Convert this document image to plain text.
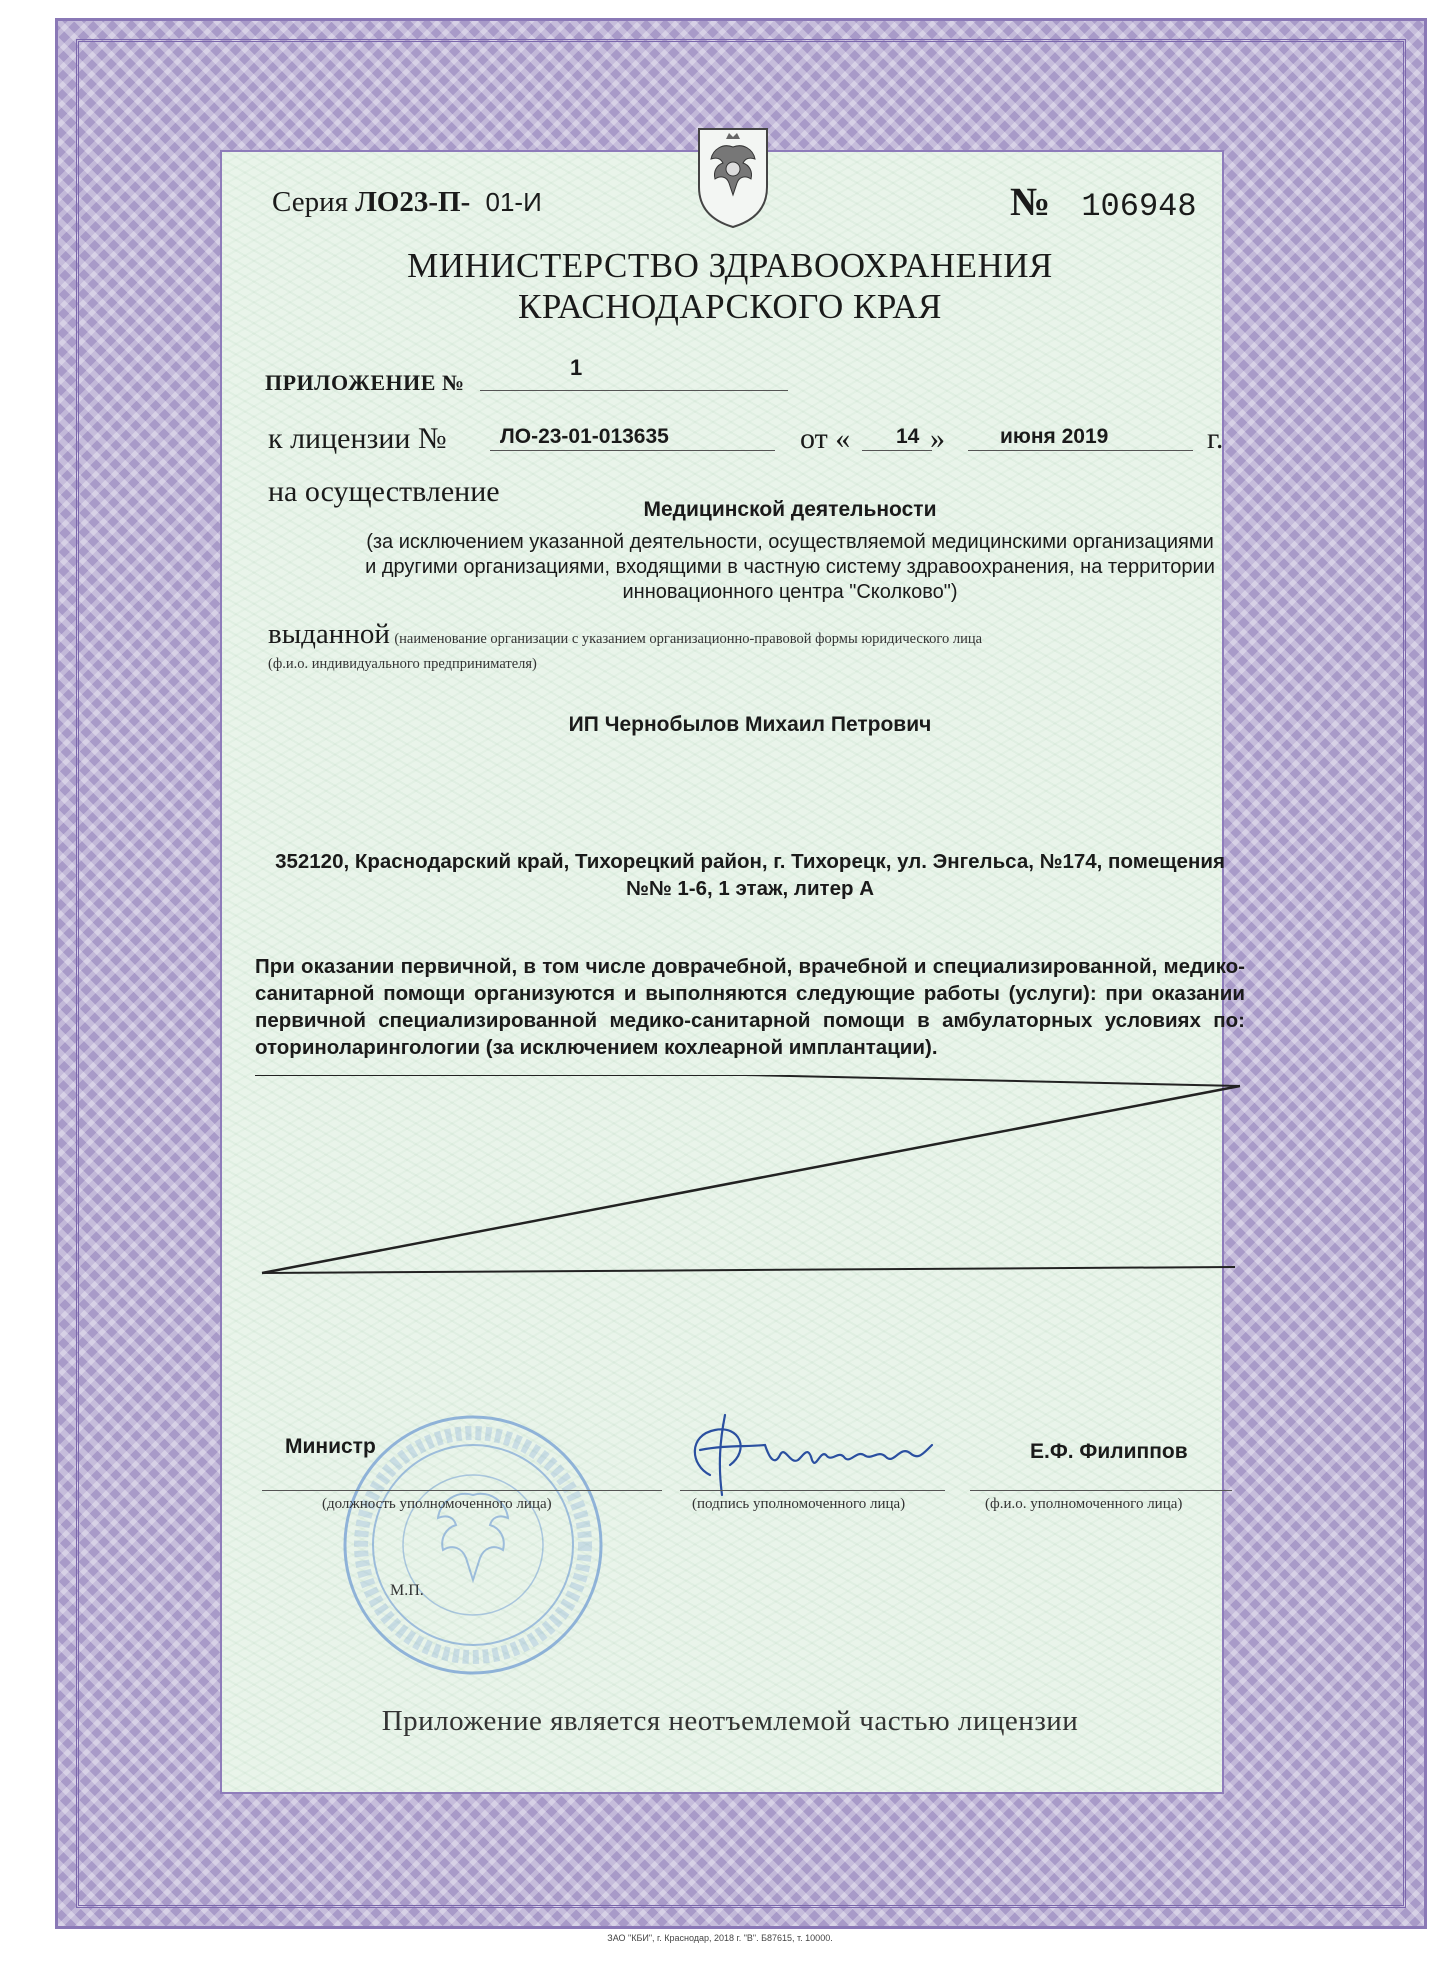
Серия ЛО23-П- 01-И	№ 106948
МИНИСТЕРСТВО ЗДРАВООХРАНЕНИЯ
КРАСНОДАРСКОГО КРАЯ
ПРИЛОЖЕНИЕ №
1
к лицензии №	ЛО-23-01-013635	от « 14 »	июня 2019	г.
на осуществление
Медицинской деятельности
(за исключением указанной деятельности, осуществляемой медицинскими организациями и другими организациями, входящими в частную систему здравоохранения, на территории инновационного центра "Сколково")
выданной (наименование организации с указанием организационно-правовой формы юридического лица
(ф.и.о. индивидуального предпринимателя)
ИП Чернобылов Михаил Петрович
352120, Краснодарский край, Тихорецкий район, г. Тихорецк, ул. Энгельса, №174, помещения №№ 1-6, 1 этаж, литер А
При оказании первичной, в том числе доврачебной, врачебной и специализированной, медико-санитарной помощи организуются и выполняются следующие работы (услуги): при оказании первичной специализированной медико-санитарной помощи в амбулаторных условиях по: оториноларингологии (за исключением кохлеарной имплантации).
Министр
(должность уполномоченного лица)	(подпись уполномоченного лица)
Е.Ф. Филиппов
(ф.и.о. уполномоченного лица)
М.П.
Приложение является неотъемлемой частью лицензии
ЗАО "КБИ", г. Краснодар, 2018 г. "В". Б87615, т. 10000.
